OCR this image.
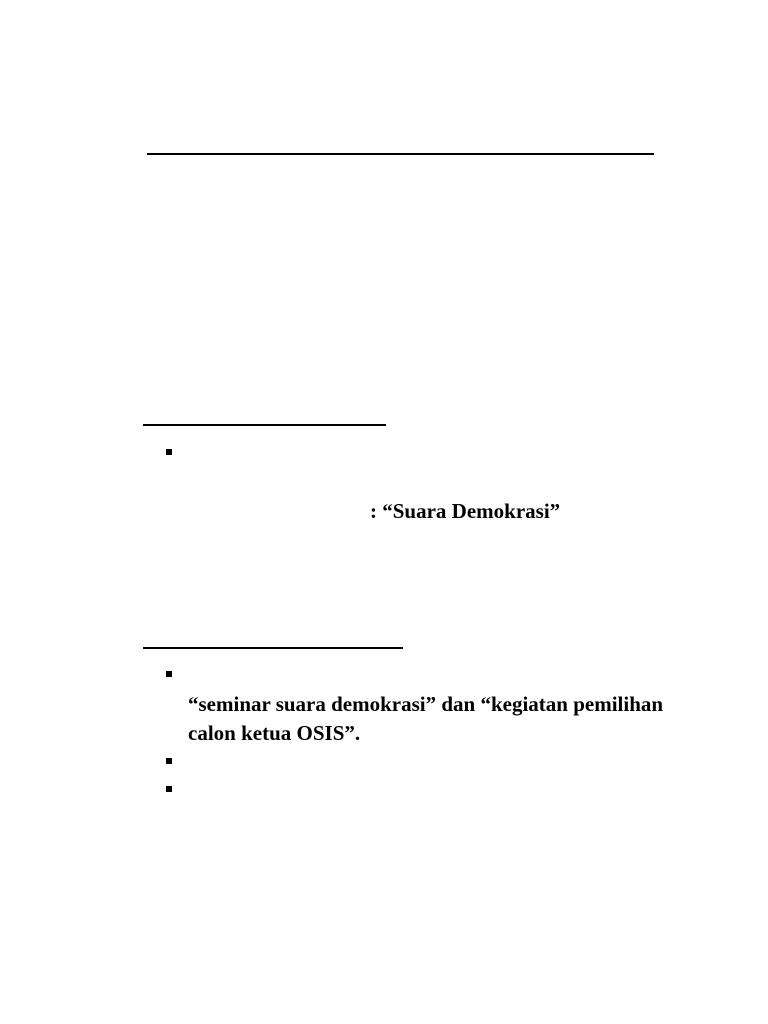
: “Suara Demokrasi”
“seminar suara demokrasi” dan “kegiatan pemilihan
calon ketua OSIS”.
